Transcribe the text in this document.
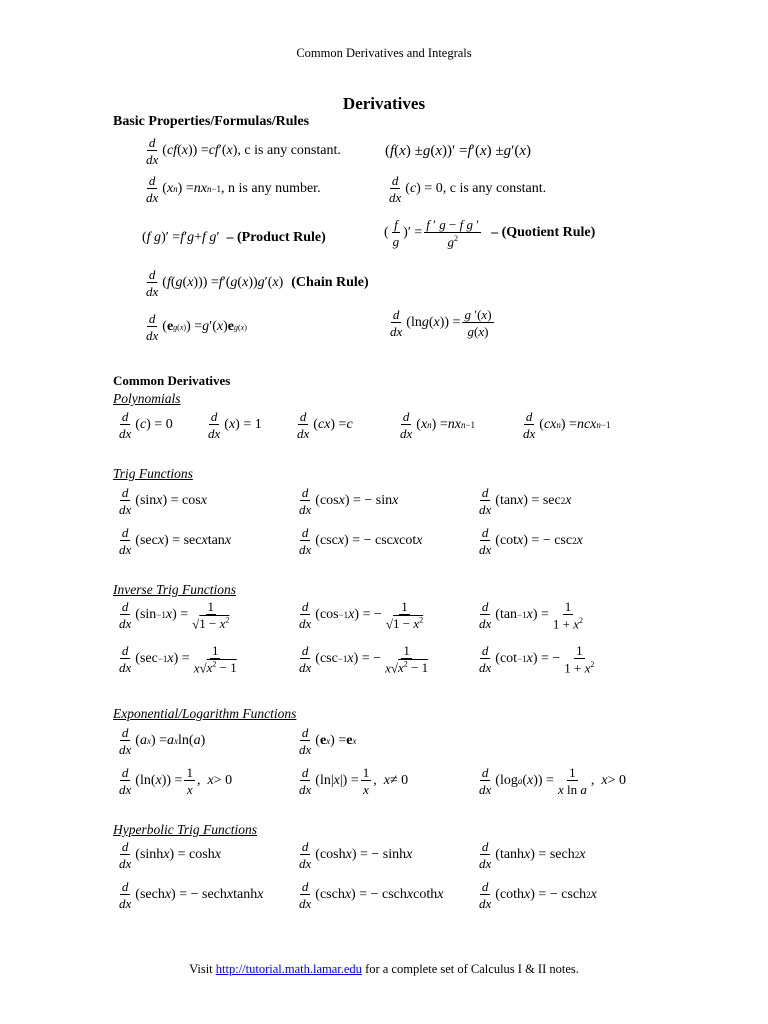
Common Derivatives and Integrals
Derivatives
Basic Properties/Formulas/Rules
$\frac{d}{dx}$ ( cf ( x )) = cf ′( x ) , c is any constant.	( f ( x ) ± g ( x ))′ = f ′( x ) ± g ′( x )
$\frac{d}{dx}$ ( x n ) = nx n−1 , n is any number.	$\frac{d}{dx}$ ( c ) = 0 , c is any constant.
( f g )′ = f ′ g + f g ′ – (Product Rule)	( $\frac{f}{g}$ )′ = $\frac{\text{f ′ g − f g ′}}{g^2}$ – (Quotient Rule)
$\frac{d}{dx}$ ( f ( g ( x ))) = f ′( g ( x )) g ′( x ) (Chain Rule)
$\frac{d}{dx}$ ( e g(x) ) = g ′( x ) e g(x)	$\frac{d}{dx} (\ln$ g ( x )) = $\frac{g '(x)}{g(x)}$
Common Derivatives
Polynomials
$\frac{d}{dx}$ ( c ) = 0	$\frac{d}{dx}$ ( x ) = 1	$\frac{d}{dx}$ ( cx ) = c	$\frac{d}{dx}$ ( x n ) = nx n−1	$\frac{d}{dx}$ ( cx n ) = ncx n−1
Trig Functions
$\frac{d}{dx} (\sin$ x ) = cos x	$\frac{d}{dx} (\cos$ x ) = − sin x	$\frac{d}{dx} (\tan$ x ) = sec 2 x
$\frac{d}{dx} (\sec$ x ) = sec x tan x	$\frac{d}{dx} (\csc$ x ) = − csc x cot x	$\frac{d}{dx} (\cot$ x ) = − csc 2 x
Inverse Trig Functions
$\frac{d}{dx} (\sin -1$ x ) = $\frac{1}{√1 - x^2}$	$\frac{d}{dx} (\cos -1$ x ) = − $\frac{1}{√1 - x^2}$	$\frac{d}{dx} (\tan -1$ x ) = $\frac{1}{1 + x^2}$
$\frac{d}{dx} (\sec -1$ x ) = $\frac{1}{x√x^2 - 1}$	$\frac{d}{dx} (\csc -1$ x ) = − $\frac{1}{x√x^2 - 1}$	$\frac{d}{dx} (\cot -1$ x ) = − $\frac{1}{1 + x^2}$
Exponential/Logarithm Functions
$\frac{d}{dx}$ ( a x ) = a x ln( a )	$\frac{d}{dx}$ ( e x ) = e x
$\frac{d}{dx} (\ln$( x )) = $\frac{1}{x}$ , x > 0	$\frac{d}{dx} (\ln|$ x |) = $\frac{1}{x}$ , x ≠ 0	$\frac{d}{dx} (\log$ a ( x )) = $\frac{1}{\text{x ln a}}$ , x > 0
Hyperbolic Trig Functions
$\frac{d}{dx} (\sinh$ x ) = cosh x	$\frac{d}{dx} (\cosh$ x ) = − sinh x	$\frac{d}{dx} (\tanh$ x ) = sech 2 x
$\frac{d}{dx} (\sec h$ x ) = − sech x tanh x	$\frac{d}{dx} (\csc h$ x ) = − csch x coth x	$\frac{d}{dx} (\cot h$ x ) = − csch 2 x
Visit http://tutorial.math.lamar.edu for a complete set of Calculus I & II notes.
